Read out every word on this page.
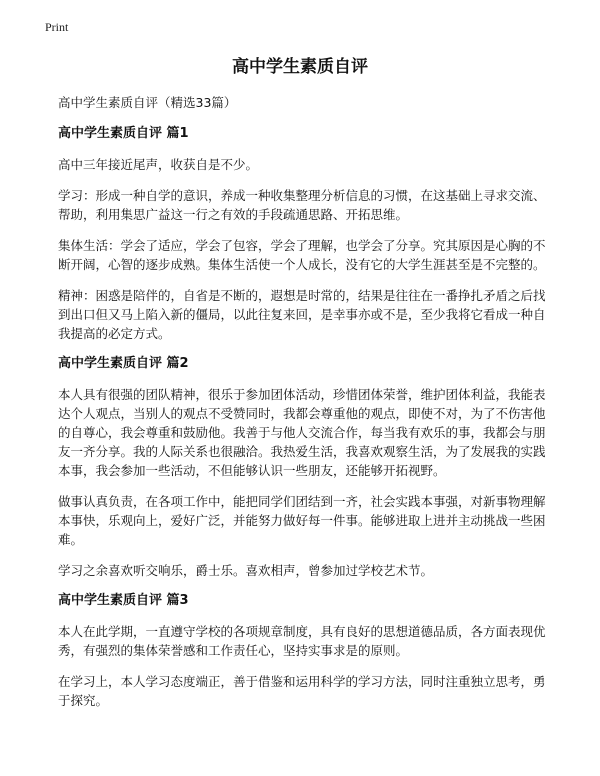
Print
高中学生素质自评

高中学生素质自评（精选33篇）

高中学生素质自评 篇1

高中三年接近尾声，收获自是不少。

学习：形成一种自学的意识，养成一种收集整理分析信息的习惯，在这基础上寻求交流、帮助，利用集思广益这一行之有效的手段疏通思路、开拓思维。

集体生活：学会了适应，学会了包容，学会了理解，也学会了分享。究其原因是心胸的不断开阔，心智的逐步成熟。集体生活使一个人成长，没有它的大学生涯甚至是不完整的。

精神：困惑是陪伴的，自省是不断的，遐想是时常的，结果是往往在一番挣扎矛盾之后找到出口但又马上陷入新的僵局，以此往复来回，是幸事亦或不是，至少我将它看成一种自我提高的必定方式。

高中学生素质自评 篇2

本人具有很强的团队精神，很乐于参加团体活动，珍惜团体荣誉，维护团体利益，我能表达个人观点，当别人的观点不受赞同时，我都会尊重他的观点，即使不对，为了不伤害他的自尊心，我会尊重和鼓励他。我善于与他人交流合作，每当我有欢乐的事，我都会与朋友一齐分享。我的人际关系也很融洽。我热爱生活，我喜欢观察生活，为了发展我的实践本事，我会参加一些活动，不但能够认识一些朋友，还能够开拓视野。

做事认真负责，在各项工作中，能把同学们团结到一齐，社会实践本事强，对新事物理解本事快，乐观向上，爱好广泛，并能努力做好每一件事。能够进取上进并主动挑战一些困难。

学习之余喜欢听交响乐，爵士乐。喜欢相声，曾参加过学校艺术节。

高中学生素质自评 篇3

本人在此学期，一直遵守学校的各项规章制度，具有良好的思想道德品质，各方面表现优秀，有强烈的集体荣誉感和工作责任心，坚持实事求是的原则。

在学习上，本人学习态度端正，善于借鉴和运用科学的学习方法，同时注重独立思考，勇于探究。
